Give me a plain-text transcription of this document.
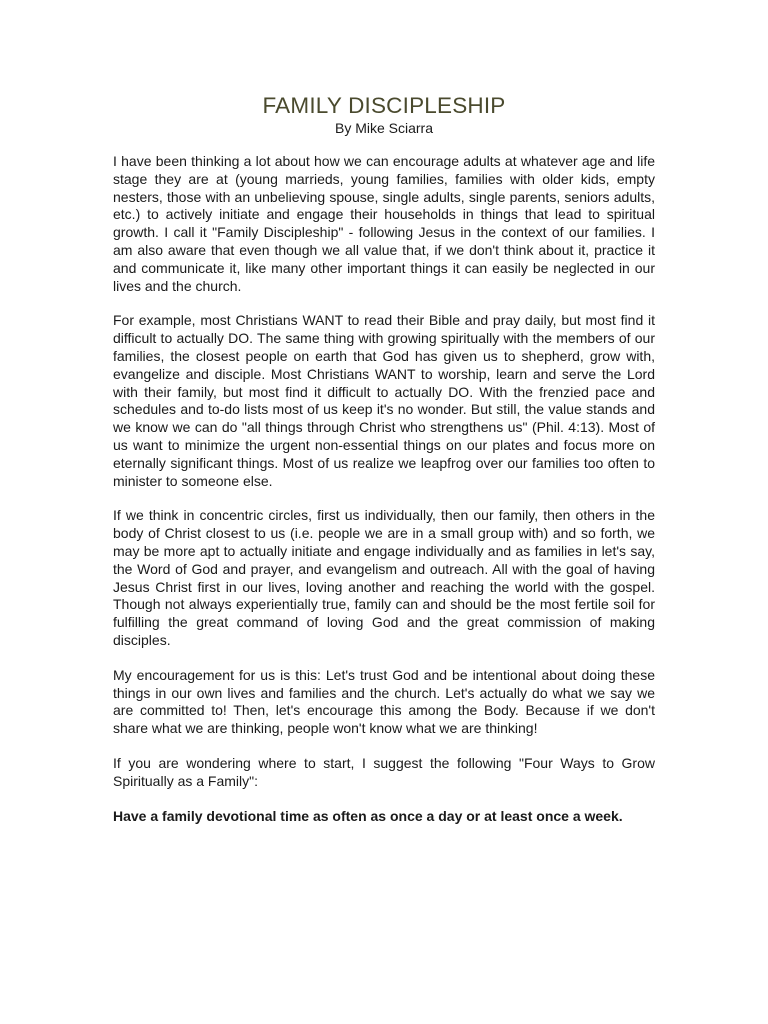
FAMILY DISCIPLESHIP

By Mike Sciarra

I have been thinking a lot about how we can encourage adults at whatever age and life stage they are at (young marrieds, young families, families with older kids, empty nesters, those with an unbelieving spouse, single adults, single parents, seniors adults, etc.) to actively initiate and engage their households in things that lead to spiritual growth. I call it "Family Discipleship" - following Jesus in the context of our families. I am also aware that even though we all value that, if we don't think about it, practice it and communicate it, like many other important things it can easily be neglected in our lives and the church.

For example, most Christians WANT to read their Bible and pray daily, but most find it difficult to actually DO. The same thing with growing spiritually with the members of our families, the closest people on earth that God has given us to shepherd, grow with, evangelize and disciple. Most Christians WANT to worship, learn and serve the Lord with their family, but most find it difficult to actually DO. With the frenzied pace and schedules and to-do lists most of us keep it's no wonder. But still, the value stands and we know we can do "all things through Christ who strengthens us" (Phil. 4:13). Most of us want to minimize the urgent non-essential things on our plates and focus more on eternally significant things. Most of us realize we leapfrog over our families too often to minister to someone else.

If we think in concentric circles, first us individually, then our family, then others in the body of Christ closest to us (i.e. people we are in a small group with) and so forth, we may be more apt to actually initiate and engage individually and as families in let's say, the Word of God and prayer, and evangelism and outreach. All with the goal of having Jesus Christ first in our lives, loving another and reaching the world with the gospel. Though not always experientially true, family can and should be the most fertile soil for fulfilling the great command of loving God and the great commission of making disciples.

My encouragement for us is this: Let's trust God and be intentional about doing these things in our own lives and families and the church. Let's actually do what we say we are committed to! Then, let's encourage this among the Body. Because if we don't share what we are thinking, people won't know what we are thinking!

If you are wondering where to start, I suggest the following "Four Ways to Grow Spiritually as a Family":

Have a family devotional time as often as once a day or at least once a week.
